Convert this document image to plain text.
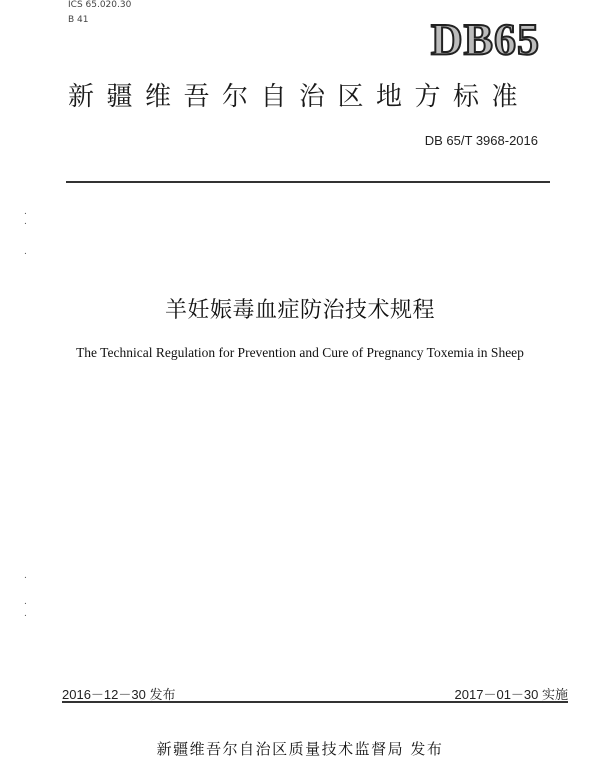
ICS 65.020.30
B 41	DB65
新疆维吾尔自治区地方标准
DB 65/T 3968-2016
.
.
.
.
.
.
羊妊娠毒血症防治技术规程
The Technical Regulation for Prevention and Cure of Pregnancy Toxemia in Sheep
2016－12－30 发布	2017－01－30 实施
新疆维吾尔自治区质量技术监督局 发布
